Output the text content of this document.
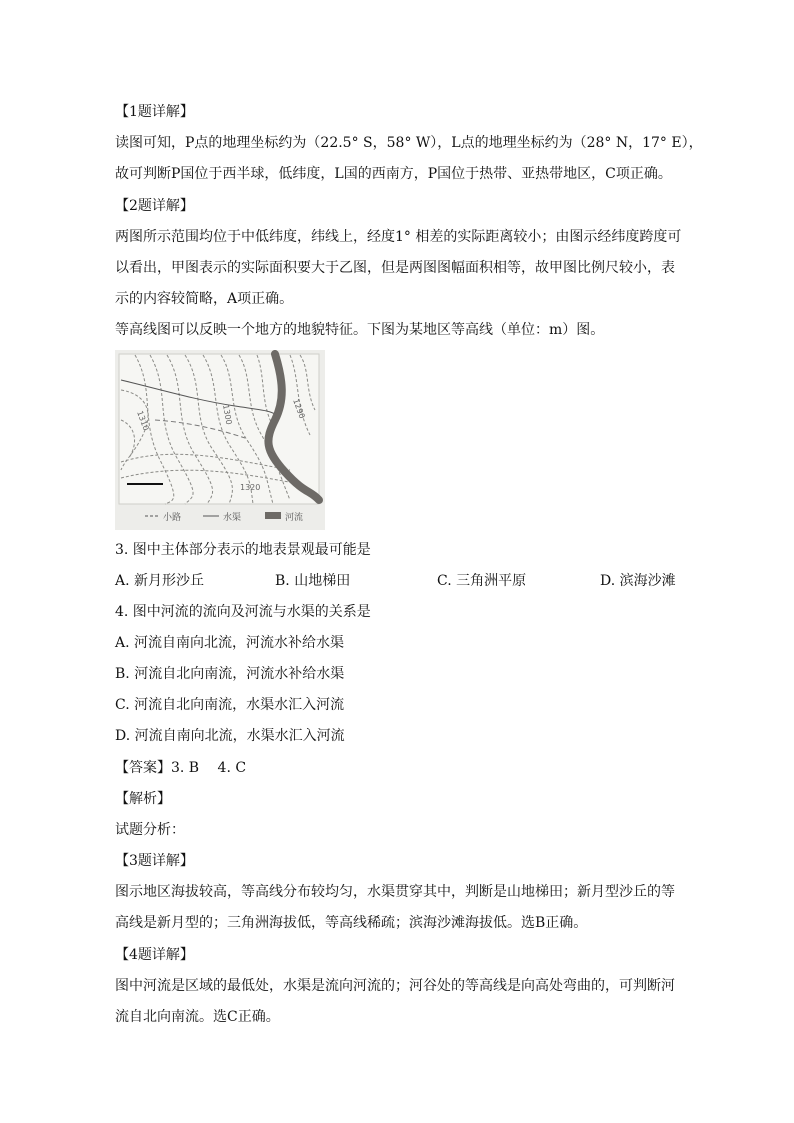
【1题详解】
读图可知，P点的地理坐标约为（22.5° S，58° W），L点的地理坐标约为（28° N，17° E），
故可判断P国位于西半球，低纬度，L国的西南方，P国位于热带、亚热带地区，C项正确。
【2题详解】
两图所示范围均位于中低纬度，纬线上，经度1° 相差的实际距离较小；由图示经纬度跨度可
以看出，甲图表示的实际面积要大于乙图，但是两图图幅面积相等，故甲图比例尺较小，表
示的内容较简略，A项正确。
等高线图可以反映一个地方的地貌特征。下图为某地区等高线（单位：m）图。
1310	1300	1290
1320
小路	水渠	河流
3. 图中主体部分表示的地表景观最可能是
A. 新月形沙丘	B. 山地梯田	C. 三角洲平原	D. 滨海沙滩
4. 图中河流的流向及河流与水渠的关系是
A. 河流自南向北流，河流水补给水渠
B. 河流自北向南流，河流水补给水渠
C. 河流自北向南流，水渠水汇入河流
D. 河流自南向北流，水渠水汇入河流
【答案】3. B　 4. C
【解析】
试题分析：
【3题详解】
图示地区海拔较高，等高线分布较均匀，水渠贯穿其中，判断是山地梯田；新月型沙丘的等
高线是新月型的；三角洲海拔低，等高线稀疏；滨海沙滩海拔低。选B正确。
【4题详解】
图中河流是区域的最低处，水渠是流向河流的；河谷处的等高线是向高处弯曲的，可判断河
流自北向南流。选C正确。
